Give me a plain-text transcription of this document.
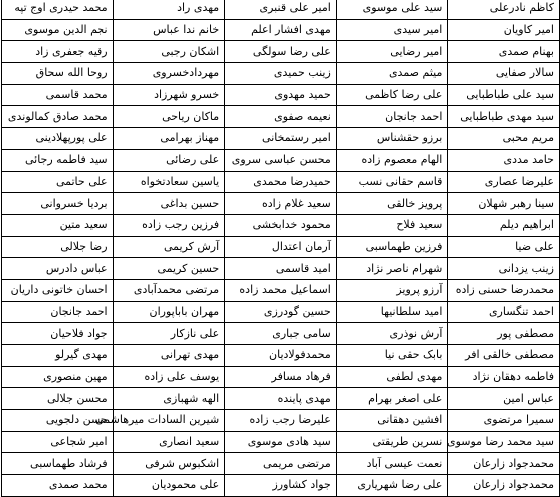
کاظم نادرعلی	سید علی موسوی	امیر علی قنبری	مهدی راد	محمد حیدری اوج تپه
امیر کاویان	امیر سیدی	مهدی افشار اعلم	خانم ندا عباس	نجم الدین موسوی
بهنام صمدی	امیر رضایی	علی رضا سولگی	اشکان رجبی	رقیه جعفری زاد
سالار صفایی	میثم صمدی	زینب حمیدی	مهردادخسروی	روحا الله سحاق
سید علی طباطبایی	علی رضا کاظمی	حمید مهدوی	خسرو شهرزاد	محمد قاسمی
سید مهدی طباطبایی	احمد جانجان	نعیمه صفوی	ماکان ریاحی	محمد صادق کمالوندی
مریم محبی	برزو حقشناس	امیر رستمخانی	مهناز بهرامی	علی پورپهلادینی
حامد مددی	الهام معصوم زاده	محسن عباسی سروی	علی رضائی	سید فاطمه رجائی
علیرضا عصاری	قاسم حقانی نسب	حمیدرضا محمدی	یاسین سعادتخواه	علی حاتمی
سینا رهبر شهلان	پرویز خالقی	سعید غلام زاده	حسین بداغی	بردیا خسروانی
ابراهیم دیلم	سعید فلاح	محمود خدابخشی	فرزین رجب زاده	سعید متین
علی ضیا	فرزین طهماسبی	آرمان اعتدال	آرش کریمی	رضا جلالی
زینب یزدانی	شهرام ناصر نژاد	امید قاسمی	حسین کریمی	عباس دادرس
محمدرضا حسنی زاده	آرزو پرویز	اسماعیل محمد زاده	مرتضی محمدآبادی	احسان خاتونی داریان
احمد تنگساری	امید سلطانیها	حسین گودرزی	مهران باباپوران	احمد جانجان
مصطفی پور	آرش نوذری	سامی جباری	علی نازکار	جواد فلاحیان
مصطفی خالقی افر	بابک حقی نیا	محمدفولادیان	مهدی تهرانی	مهدی گیرلو
فاطمه دهقان نژاد	مهدی لطفی	فرهاد مسافر	یوسف علی زاده	مهین منصوری
عباس امین	علی اصغر بهرام	مهدی پاینده	الهه شهبازی	محسن جلالی
سمیرا مرتضوی	افشین دهقانی	علیرضا رجب زاده	شیرین السادات میرهاشمی	حسن دلجویی
سید محمد رضا موسوی	نسرین طریقتی	سید هادی موسوی	سعید انصاری	امیر شجاعی
محمدجواد زارعان	نعمت عیسی آباد	مرتضی مریمی	اشکبوس شرفی	فرشاد طهماسبی
محمدجواد زارعان	علی رضا شهریاری	جواد کشاورز	علی محمودیان	محمد صمدی
